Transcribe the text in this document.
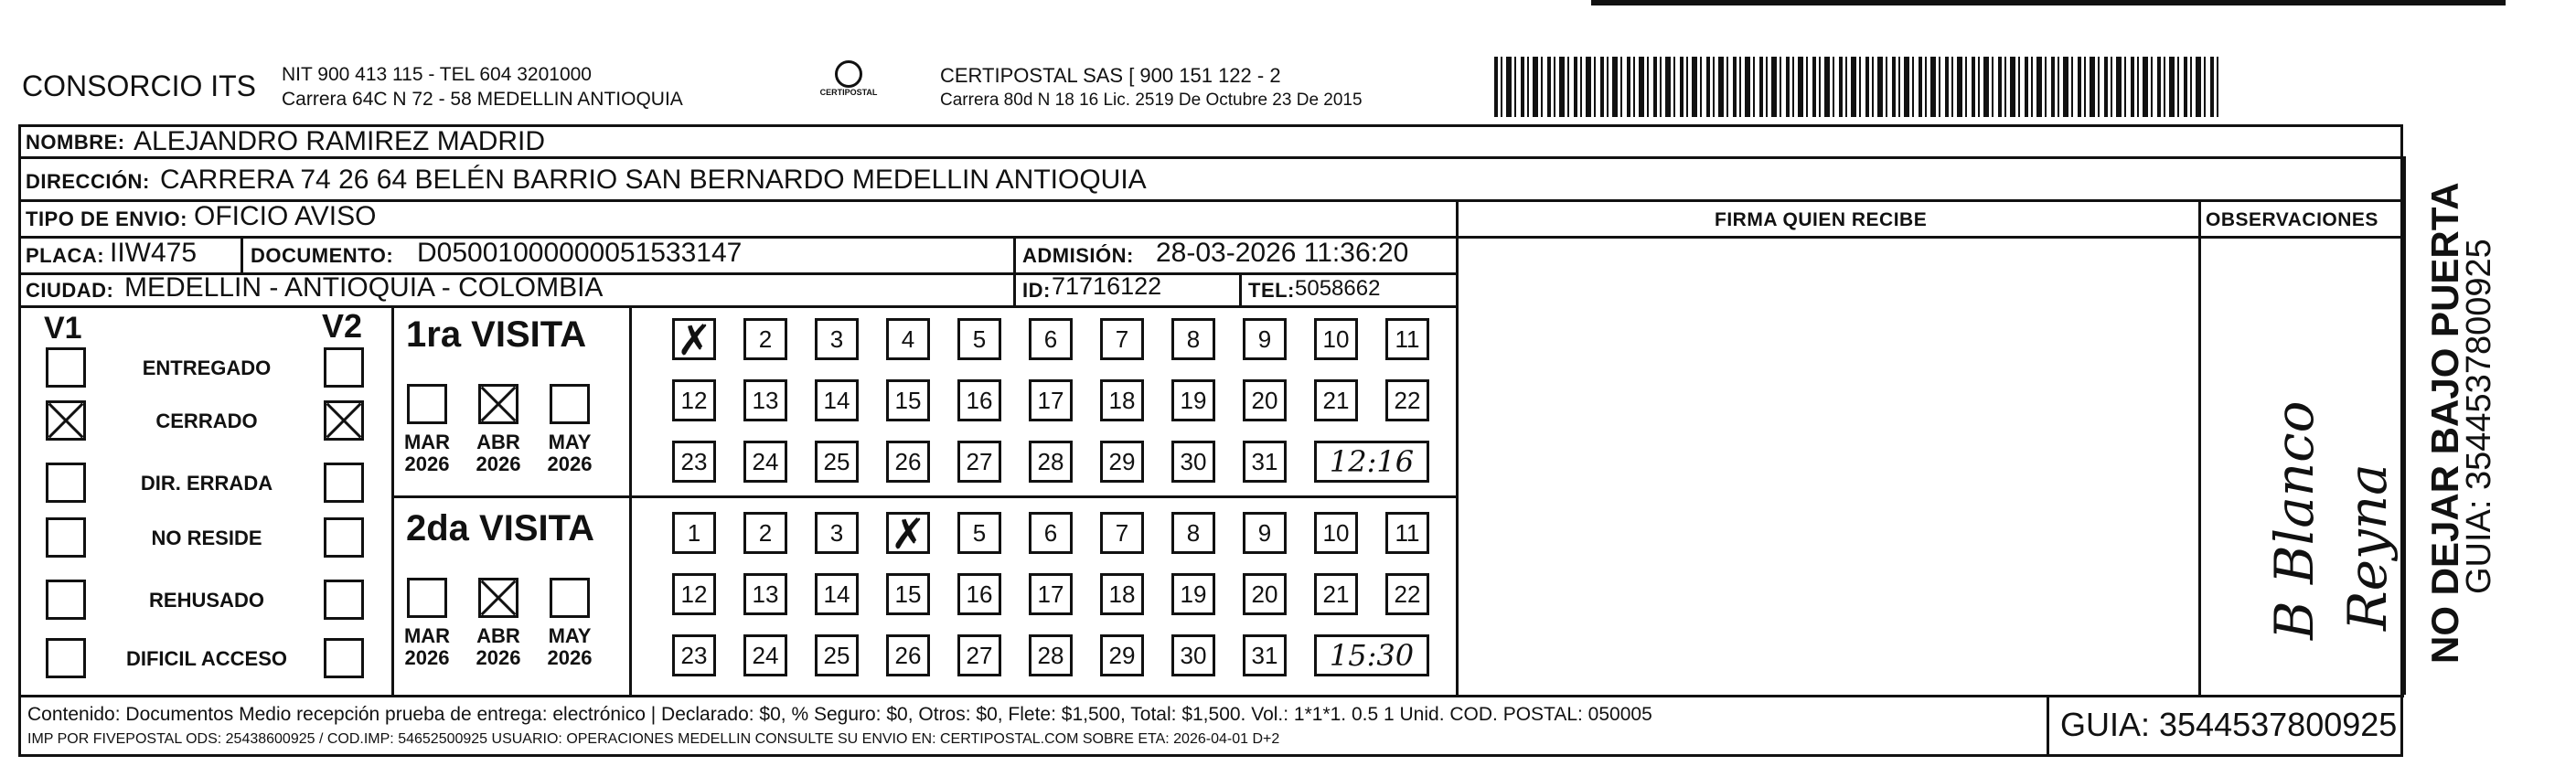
CONSORCIO ITS NIT 900 413 115 - TEL 604 3201000
Carrera 64C N 72 - 58 MEDELLIN ANTIOQUIA	CERTIPOSTAL
CERTIPOSTAL SAS [ 900 151 122 - 2
Carrera 80d N 18 16 Lic. 2519 De Octubre 23 De 2015
NOMBRE: ALEJANDRO RAMIREZ MADRID
DIRECCIÓN: CARRERA 74 26 64 BELÉN BARRIO SAN BERNARDO MEDELLIN ANTIOQUIA
TIPO DE ENVIO: OFICIO AVISO	FIRMA QUIEN RECIBE	OBSERVACIONES
PLACA: IIW475	DOCUMENTO: D05001000000051533147	ADMISIÓN: 28-03-2026 11:36:20
CIUDAD: MEDELLIN - ANTIOQUIA - COLOMBIA	ID: 71716122	TEL: 5058662
V1	V2
ENTREGADO
CERRADO
DIR. ERRADA
NO RESIDE
REHUSADO
DIFICIL ACCESO
1ra VISITA
2da VISITA
MAR
2026
ABR
2026
MAY
2026
✗
2	3	4	5	6	7	8	9	10	11
12	13	14	15	16	17	18	19	20	21	22
23	24	25	26	27	28	29	30	31	12:16
MAR
2026
ABR
2026
MAY
2026
1	2	3
✗	5	6	7	8	9	10	11
12	13	14	15	16	17	18	19	20	21	22
23	24	25	26	27	28	29	30	31	15:30
B Blanco Reyna NO DEJAR BAJO PUERTA
GUIA: 3544537800925
Contenido: Documentos Medio recepción prueba de entrega: electrónico | Declarado: $0, % Seguro: $0, Otros: $0, Flete: $1,500, Total: $1,500. Vol.: 1*1*1. 0.5 1 Unid. COD. POSTAL: 050005
IMP POR FIVEPOSTAL ODS: 25438600925 / COD.IMP: 54652500925 USUARIO: OPERACIONES MEDELLIN CONSULTE SU ENVIO EN: CERTIPOSTAL.COM SOBRE ETA: 2026-04-01 D+2	GUIA: 3544537800925
